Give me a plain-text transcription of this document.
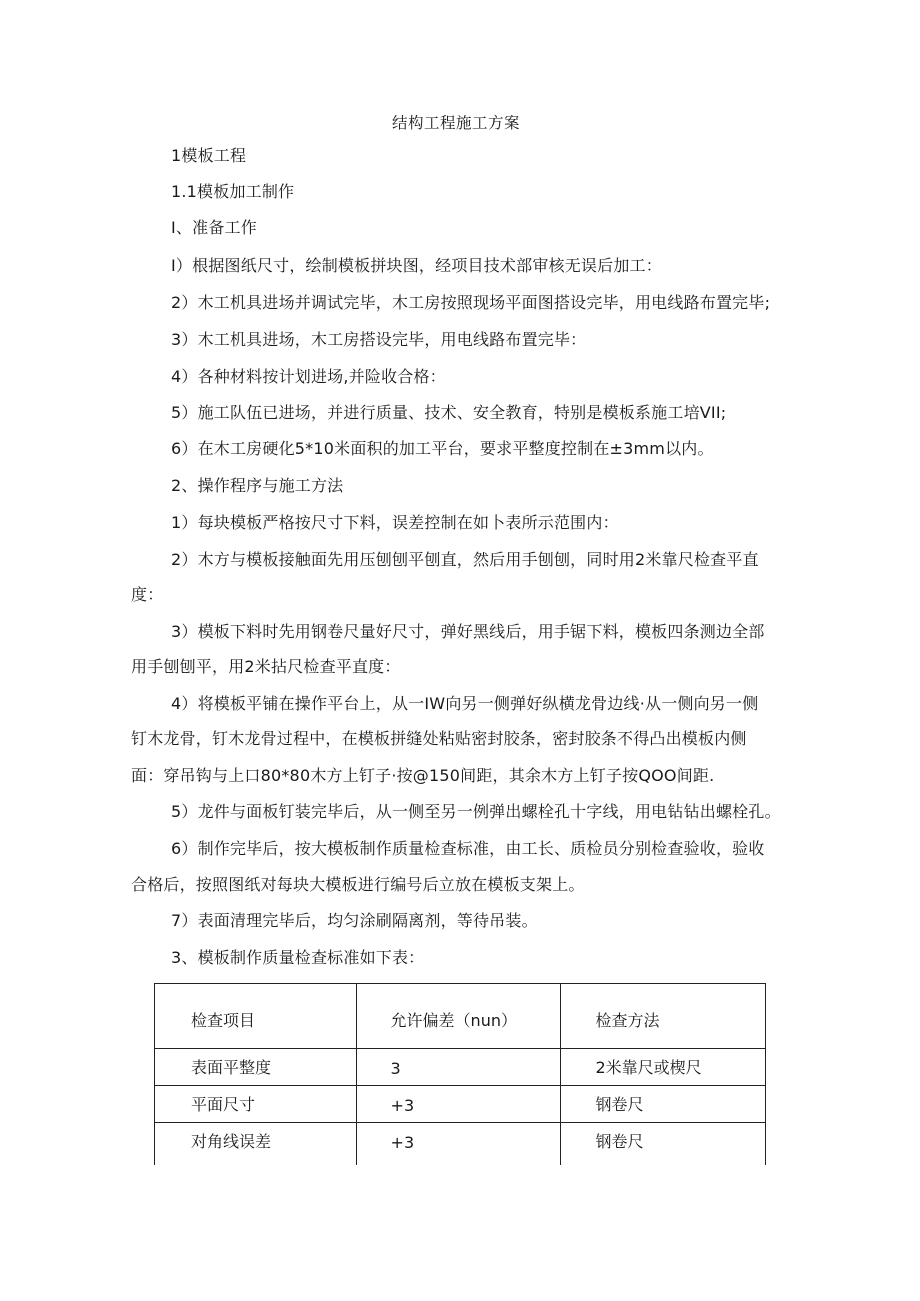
结构工程施工方案
1模板工程
1.1模板加工制作
I、准备工作
I）根据图纸尺寸，绘制模板拼块图，经项目技术部审核无误后加工：
2）木工机具进场并调试完毕，木工房按照现场平面图搭设完毕，用电线路布置完毕;
3）木工机具进场，木工房搭设完毕，用电线路布置完毕：
4）各种材料按计划进场,并险收合格：
5）施工队伍已进场，并进行质量、技术、安全教育，特别是模板系施工培VII;
6）在木工房硬化5*10米面积的加工平台，要求平整度控制在±3mm以内。
2、操作程序与施工方法
1）每块模板严格按尺寸下料，误差控制在如卜表所示范围内：
2）木方与模板接触面先用压刨刨平刨直，然后用手刨刨，同时用2米靠尺检查平直
度：
3）模板下料时先用钢卷尺量好尺寸，弹好黑线后，用手锯下料，模板四条测边全部
用手刨刨平，用2米拈尺检查平直度：
4）将模板平铺在操作平台上，从一IW向另一侧弹好纵横龙骨边线·从一侧向另一侧
钉木龙骨，钉木龙骨过程中，在模板拼缝处粘贴密封胶条，密封胶条不得凸出模板内侧
面：穿吊钩与上口80*80木方上钉子·按@150间距，其余木方上钉子按QOO间距.
5）龙件与面板钉装完毕后，从一侧至另一例弹出螺栓孔十字线，用电钻钻出螺栓孔。
6）制作完毕后，按大模板制作质量检查标准，由工长、质检员分别检查验收，验收
合格后，按照图纸对每块大模板进行编号后立放在模板支架上。
7）表面清理完毕后，均匀涂刷隔离剂，等待吊装。
3、模板制作质量检查标准如下表：
检查项目	允许偏差（nun）	检查方法

表面平整度	3	2米靠尺或楔尺

平面尺寸	+3	钢卷尺

对角线误差	+3	钢卷尺
